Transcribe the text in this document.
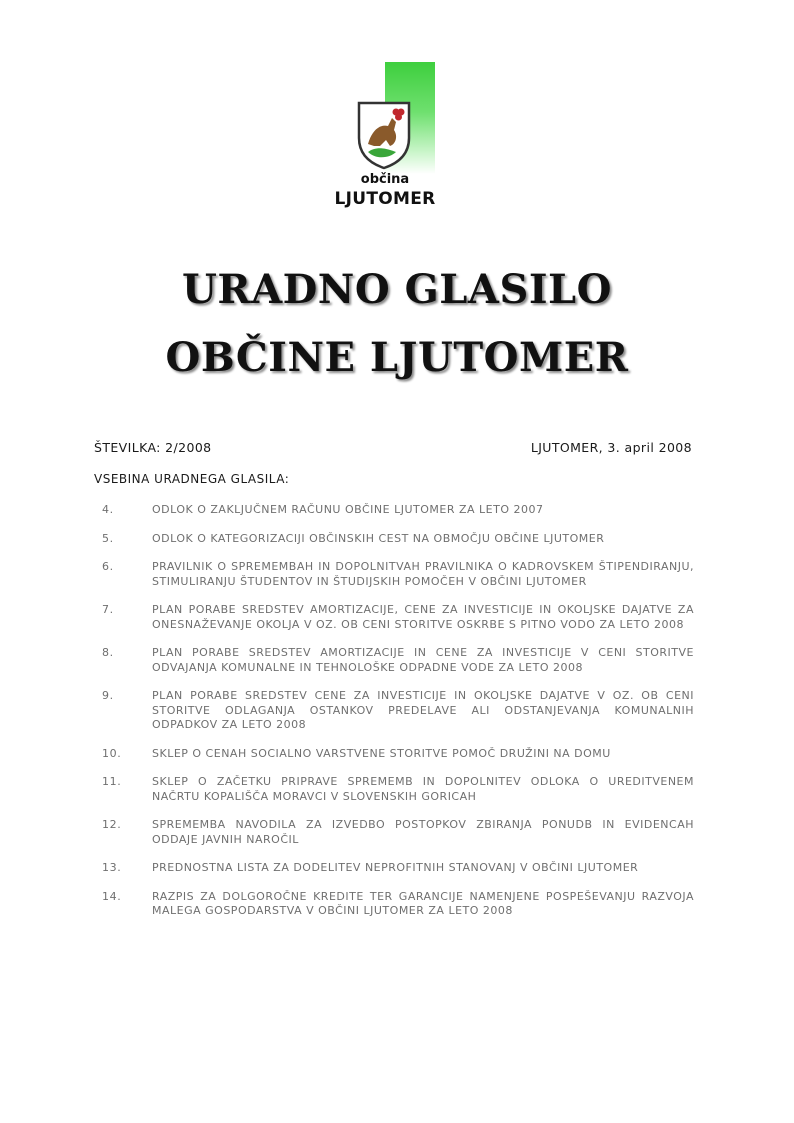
občina
LJUTOMER
URADNO GLASILO
OBČINE LJUTOMER
ŠTEVILKA: 2/2008	LJUTOMER, 3. april 2008
VSEBINA URADNEGA GLASILA:
4.	ODLOK O ZAKLJUČNEM RAČUNU OBČINE LJUTOMER ZA LETO 2007
5.	ODLOK O KATEGORIZACIJI OBČINSKIH CEST NA OBMOČJU OBČINE LJUTOMER
6.	PRAVILNIK O SPREMEMBAH IN DOPOLNITVAH PRAVILNIKA O KADROVSKEM ŠTIPENDIRANJU, STIMULIRANJU ŠTUDENTOV IN ŠTUDIJSKIH POMOČEH V OBČINI LJUTOMER
7.	PLAN PORABE SREDSTEV AMORTIZACIJE, CENE ZA INVESTICIJE IN OKOLJSKE DAJATVE ZA ONESNAŽEVANJE OKOLJA V OZ. OB CENI STORITVE OSKRBE S PITNO VODO ZA LETO 2008
8.	PLAN PORABE SREDSTEV AMORTIZACIJE IN CENE ZA INVESTICIJE V CENI STORITVE ODVAJANJA KOMUNALNE IN TEHNOLOŠKE ODPADNE VODE ZA LETO 2008
9.	PLAN PORABE SREDSTEV CENE ZA INVESTICIJE IN OKOLJSKE DAJATVE V OZ. OB CENI STORITVE ODLAGANJA OSTANKOV PREDELAVE ALI ODSTANJEVANJA KOMUNALNIH ODPADKOV ZA LETO 2008
10.	SKLEP O CENAH SOCIALNO VARSTVENE STORITVE POMOČ DRUŽINI NA DOMU
11.	SKLEP O ZAČETKU PRIPRAVE SPREMEMB IN DOPOLNITEV ODLOKA O UREDITVENEM NAČRTU KOPALIŠČA MORAVCI V SLOVENSKIH GORICAH
12.	SPREMEMBA NAVODILA ZA IZVEDBO POSTOPKOV ZBIRANJA PONUDB IN EVIDENCAH ODDAJE JAVNIH NAROČIL
13.	PREDNOSTNA LISTA ZA DODELITEV NEPROFITNIH STANOVANJ V OBČINI LJUTOMER
14.	RAZPIS ZA DOLGOROČNE KREDITE TER GARANCIJE NAMENJENE POSPEŠEVANJU RAZVOJA MALEGA GOSPODARSTVA V OBČINI LJUTOMER ZA LETO 2008
